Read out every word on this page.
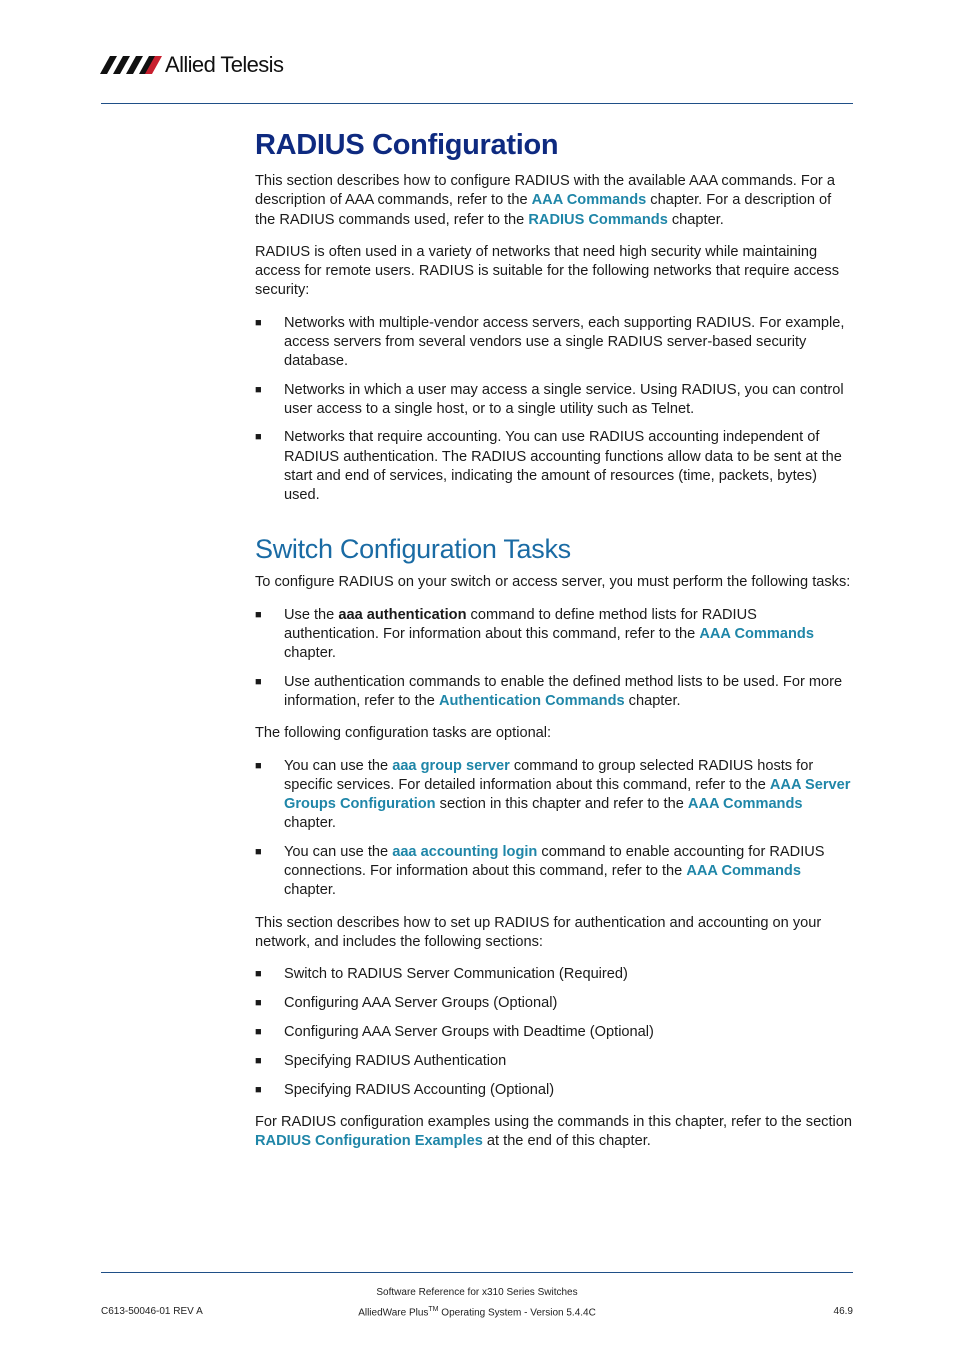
Allied Telesis
RADIUS Configuration

This section describes how to configure RADIUS with the available AAA commands. For a description of AAA commands, refer to the AAA Commands chapter. For a description of the RADIUS commands used, refer to the RADIUS Commands chapter.

RADIUS is often used in a variety of networks that need high security while maintaining access for remote users. RADIUS is suitable for the following networks that require access security:

■ Networks with multiple-vendor access servers, each supporting RADIUS. For example, access servers from several vendors use a single RADIUS server-based security database.
■ Networks in which a user may access a single service. Using RADIUS, you can control user access to a single host, or to a single utility such as Telnet.
■ Networks that require accounting. You can use RADIUS accounting independent of RADIUS authentication. The RADIUS accounting functions allow data to be sent at the start and end of services, indicating the amount of resources (time, packets, bytes) used.
Switch Configuration Tasks

To configure RADIUS on your switch or access server, you must perform the following tasks:

■ Use the aaa authentication command to define method lists for RADIUS authentication. For information about this command, refer to the AAA Commands chapter.
■ Use authentication commands to enable the defined method lists to be used. For more information, refer to the Authentication Commands chapter.

The following configuration tasks are optional:

■ You can use the aaa group server command to group selected RADIUS hosts for specific services. For detailed information about this command, refer to the AAA Server Groups Configuration section in this chapter and refer to the AAA Commands chapter.
■ You can use the aaa accounting login command to enable accounting for RADIUS connections. For information about this command, refer to the AAA Commands chapter.

This section describes how to set up RADIUS for authentication and accounting on your network, and includes the following sections:

■ Switch to RADIUS Server Communication (Required)
■ Configuring AAA Server Groups (Optional)
■ Configuring AAA Server Groups with Deadtime (Optional)
■ Specifying RADIUS Authentication
■ Specifying RADIUS Accounting (Optional)

For RADIUS configuration examples using the commands in this chapter, refer to the section RADIUS Configuration Examples at the end of this chapter.

Software Reference for x310 Series Switches
C613-50046-01 REV A	AlliedWare Plus™ Operating System - Version 5.4.4C	46.9
